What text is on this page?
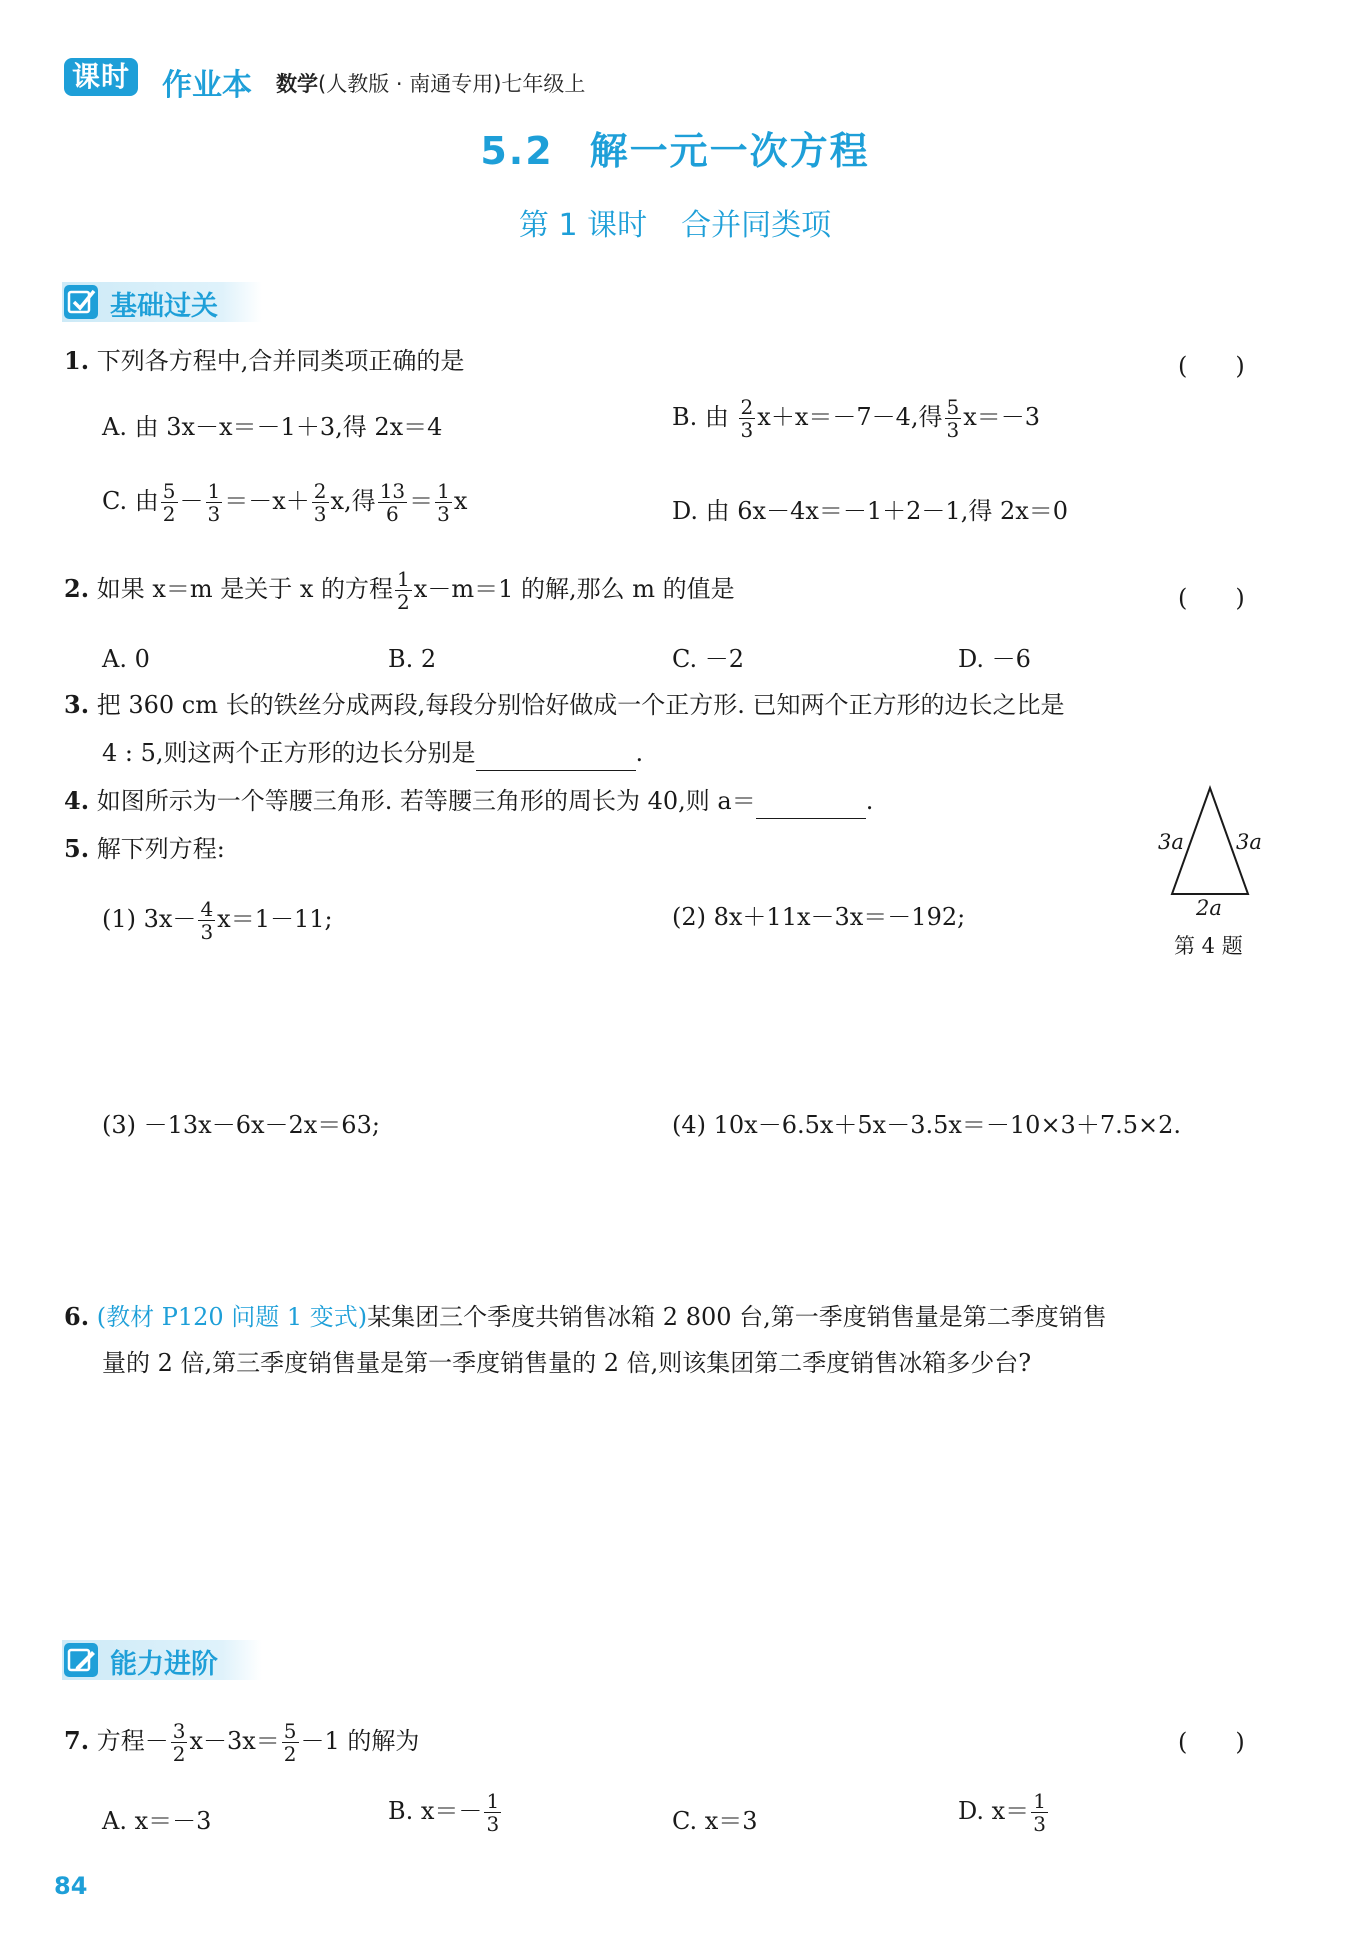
课时 作业本 数学(人教版 · 南通专用)七年级上
5.2 解一元一次方程
第 1 课时 合并同类项
基础过关
1. 下列各方程中,合并同类项正确的是	(　　)
A. 由 3x－x＝－1＋3,得 2x＝4	B. 由 $\frac{2}{3} x+x=-7-4$,得 $\frac{5}{3} x=-3$
C. 由 $\frac{5}{2} - \frac{1}{3} =-x+ \frac{2}{3} x$,得 $\frac{13}{6} = \frac{1}{3}$ x	D. 由 6x－4x＝－1＋2－1,得 2x＝0
2. 如果 x＝m 是关于 x 的方程 $\frac{1}{2} x-m=1$ 的解,那么 m 的值是	(　　)
A. 0	B. 2	C. －2	D. －6
3. 把 360 cm 长的铁丝分成两段,每段分别恰好做成一个正方形. 已知两个正方形的边长之比是
4 : 5,则这两个正方形的边长分别是	.
4. 如图所示为一个等腰三角形. 若等腰三角形的周长为 40,则 a＝	.
3a 3a
2a
第 4 题
5. 解下列方程:
(1) $3x- \frac{4}{3} x=1-11$;	(2) 8x＋11x－3x＝－192;
(3) －13x－6x－2x＝63;	(4) 10x－6.5x＋5x－3.5x＝－10×3＋7.5×2.
6. (教材 P120 问题 1 变式)某集团三个季度共销售冰箱 2 800 台,第一季度销售量是第二季度销售
量的 2 倍,第三季度销售量是第一季度销售量的 2 倍,则该集团第二季度销售冰箱多少台?
能力进阶
7. 方程－ $\frac{3}{2} x-3x= \frac{5}{2} -1$ 的解为	(　　)
A. x＝－3	B. $x=- \frac{1}{3}$	C. x＝3	D. $x= \frac{1}{3}$
84
